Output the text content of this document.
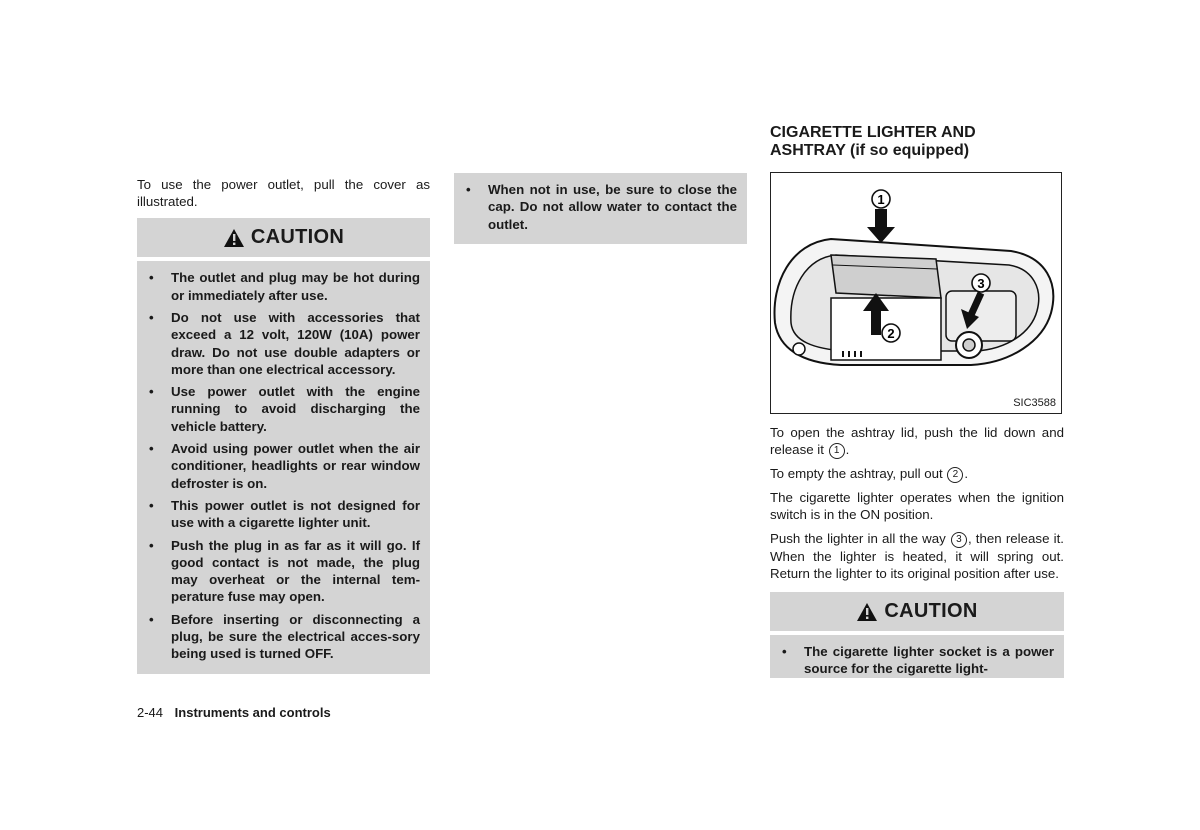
To use the power outlet, pull the cover as illustrated.

CAUTION
• The outlet and plug may be hot during or immediately after use.
• Do not use with accessories that exceed a 12 volt, 120W (10A) power draw. Do not use double adapters or more than one electrical accessory.
• Use power outlet with the engine running to avoid discharging the vehicle battery.
• Avoid using power outlet when the air conditioner, headlights or rear window defroster is on.
• This power outlet is not designed for use with a cigarette lighter unit.
• Push the plug in as far as it will go. If good contact is not made, the plug may overheat or the internal tem-perature fuse may open.
• Before inserting or disconnecting a plug, be sure the electrical acces-sory being used is turned OFF.
• When not in use, be sure to close the cap. Do not allow water to contact the outlet.
CIGARETTE LIGHTER AND
ASHTRAY (if so equipped)
1
2
3
SIC3588

To open the ashtray lid, push the lid down and release it 1 .

To empty the ashtray, pull out 2 .

The cigarette lighter operates when the ignition switch is in the ON position.

Push the lighter in all the way 3 , then release it. When the lighter is heated, it will spring out. Return the lighter to its original position after use.

CAUTION
• The cigarette lighter socket is a power source for the cigarette light-
2-44 Instruments and controls
